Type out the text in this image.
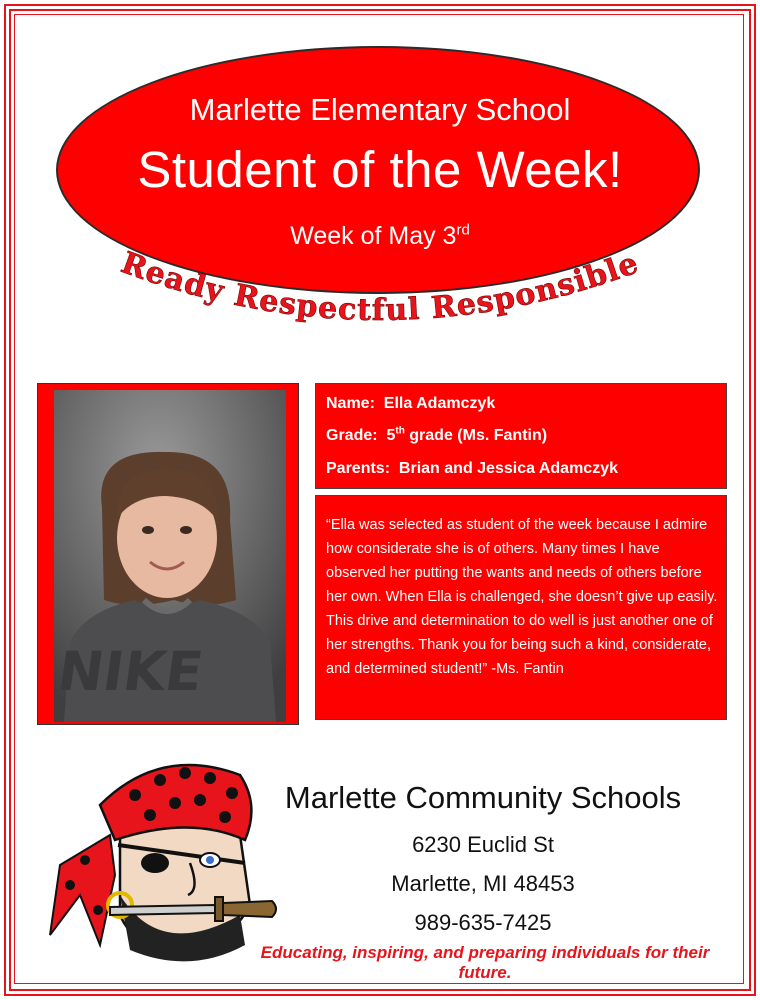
Marlette Elementary School
Student of the Week!
Week of May 3rd
Ready Respectful Responsible
NIKE
Name: Ella Adamczyk
Grade: 5th grade (Ms. Fantin)
Parents: Brian and Jessica Adamczyk
“Ella was selected as student of the week because I admire how considerate she is of others. Many times I have observed her putting the wants and needs of others before her own. When Ella is challenged, she doesn’t give up easily. This drive and determination to do well is just another one of her strengths. Thank you for being such a kind, considerate, and determined student!” -Ms. Fantin
Marlette Community Schools
6230 Euclid St
Marlette, MI 48453
989-635-7425
Educating, inspiring, and preparing individuals for their future.
